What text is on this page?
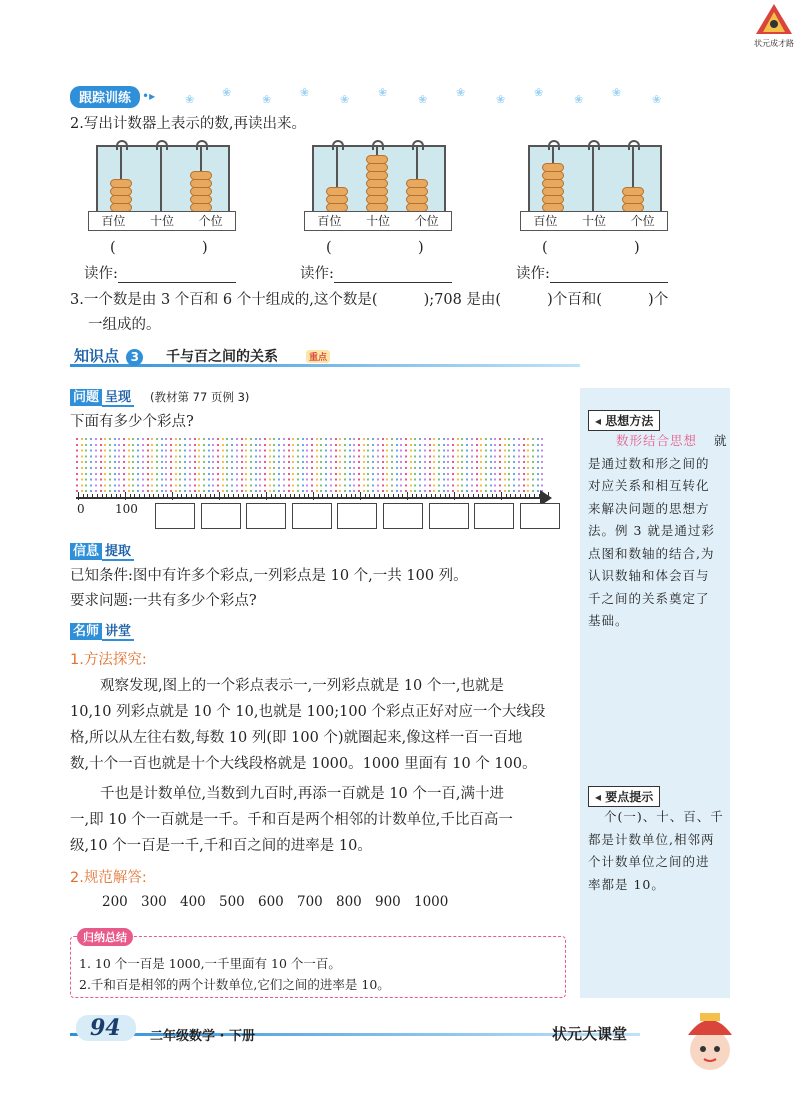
状元成才路
跟踪训练 •▸	❀
❀
❀
❀
❀
❀
❀
❀
❀
❀
❀
❀
❀
2.写出计数器上表示的数,再读出来。
百位	十位	个位
(	)
读作:
百位	十位	个位
(	)
读作:
百位	十位	个位
(	)
读作:
3.一个数是由 3 个百和 6 个十组成的,这个数是(          );708 是由(          )个百和(          )个
一组成的。
知识点 3	千与百之间的关系	重点
问题 呈现 (教材第 77 页例 3)
下面有多少个彩点?
0	100
信息 提取
已知条件:图中有许多个彩点,一列彩点是 10 个,一共 100 列。
要求问题:一共有多少个彩点?
名师 讲堂
1.方法探究:
观察发现,图上的一个彩点表示一,一列彩点就是 10 个一,也就是
10,10 列彩点就是 10 个 10,也就是 100;100 个彩点正好对应一个大线段
格,所以从左往右数,每数 10 列(即 100 个)就圈起来,像这样一百一百地
数,十个一百也就是十个大线段格就是 1000。1000 里面有 10 个 100。
千也是计数单位,当数到九百时,再添一百就是 10 个一百,满十进
一,即 10 个一百就是一千。千和百是两个相邻的计数单位,千比百高一
级,10 个一百是一千,千和百之间的进率是 10。
2.规范解答:
200 300 400 500 600 700 800 900 1000
归纳总结
1. 10 个一百是 1000,一千里面有 10 个一百。
2.千和百是相邻的两个计数单位,它们之间的进率是 10。
◂ 思想方法
数形结合思想 就
是通过数和形之间的
对应关系和相互转化
来解决问题的思想方
法。例 3 就是通过彩
点图和数轴的结合,为
认识数轴和体会百与
千之间的关系奠定了
基础。
◂ 要点提示
个(一)、十、百、千
都是计数单位,相邻两
个计数单位之间的进
率都是 10。
94 二年级数学 · 下册	状元大课堂
